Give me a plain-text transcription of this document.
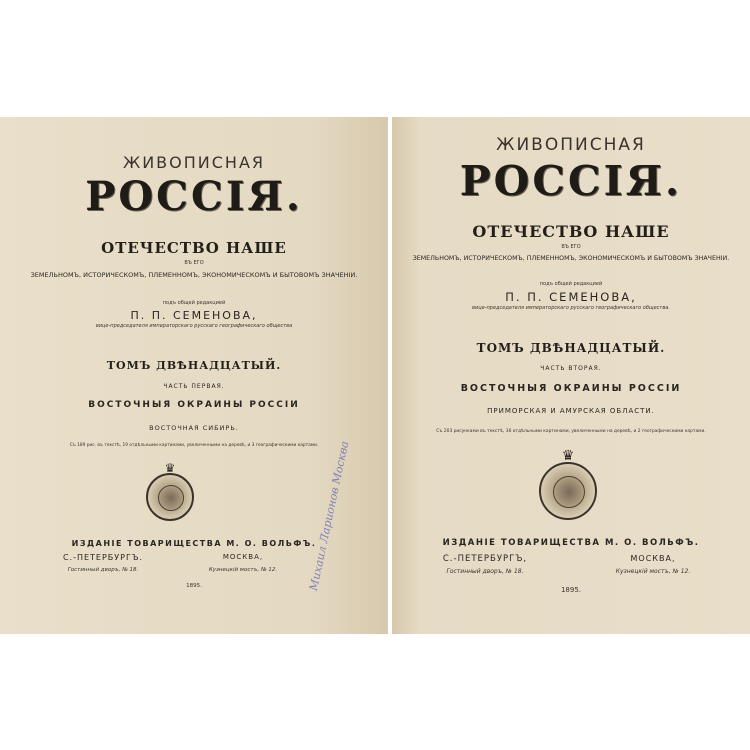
ЖИВОПИСНАЯ
РОССІЯ.
ОТЕЧЕСТВО НАШЕ
ВЪ ЕГО
ЗЕМЕЛЬНОМЪ, ИСТОРИЧЕСКОМЪ, ПЛЕМЕННОМЪ, ЭКОНОМИЧЕСКОМЪ И БЫТОВОМЪ ЗНАЧЕНІИ.
подъ общей редакцией
П. П. СЕМЕНОВА,
вице-председателя императорскаго русскаго географическаго общества
ТОМЪ ДВѢНАДЦАТЫЙ.
ЧАСТЬ ПЕРВАЯ.
ВОСТОЧНЫЯ ОКРАИНЫ РОССІИ
ВОСТОЧНАЯ СИБИРЬ.
Съ 189 рис. въ текстѣ, 19 отдѣльными картинами, увеличенными на деревѣ, и 3 географическими картами.
♛
ИЗДАНІЕ ТОВАРИЩЕСТВА М. О. ВОЛЬФЪ.
С.-ПЕТЕРБУРГЪ.
Гостинный дворъ, № 18.
МОСКВА,
Кузнецкій мостъ, № 12.
1895.	Михаил Ларионов Москва
ЖИВОПИСНАЯ
РОССІЯ.
ОТЕЧЕСТВО НАШЕ
ВЪ ЕГО
ЗЕМЕЛЬНОМЪ, ИСТОРИЧЕСКОМЪ, ПЛЕМЕННОМЪ, ЭКОНОМИЧЕСКОМЪ И БЫТОВОМЪ ЗНАЧЕНІИ.
подъ общей редакцией
П. П. СЕМЕНОВА,
вице-председателя императорскаго русскаго географическаго общества.
ТОМЪ ДВѢНАДЦАТЫЙ.
ЧАСТЬ ВТОРАЯ.
ВОСТОЧНЫЯ ОКРАИНЫ РОССІИ
ПРИМОРСКАЯ И АМУРСКАЯ ОБЛАСТИ.
Съ 203 рисунками въ текстѣ, 36 отдѣльными картинами, увеличенными на деревѣ, и 2 географическими картами.
♛
ИЗДАНІЕ ТОВАРИЩЕСТВА М. О. ВОЛЬФЪ.
С.-ПЕТЕРБУРГЪ,
Гостинный дворъ, № 18.
МОСКВА,
Кузнецкій мостъ, № 12.
1895.
